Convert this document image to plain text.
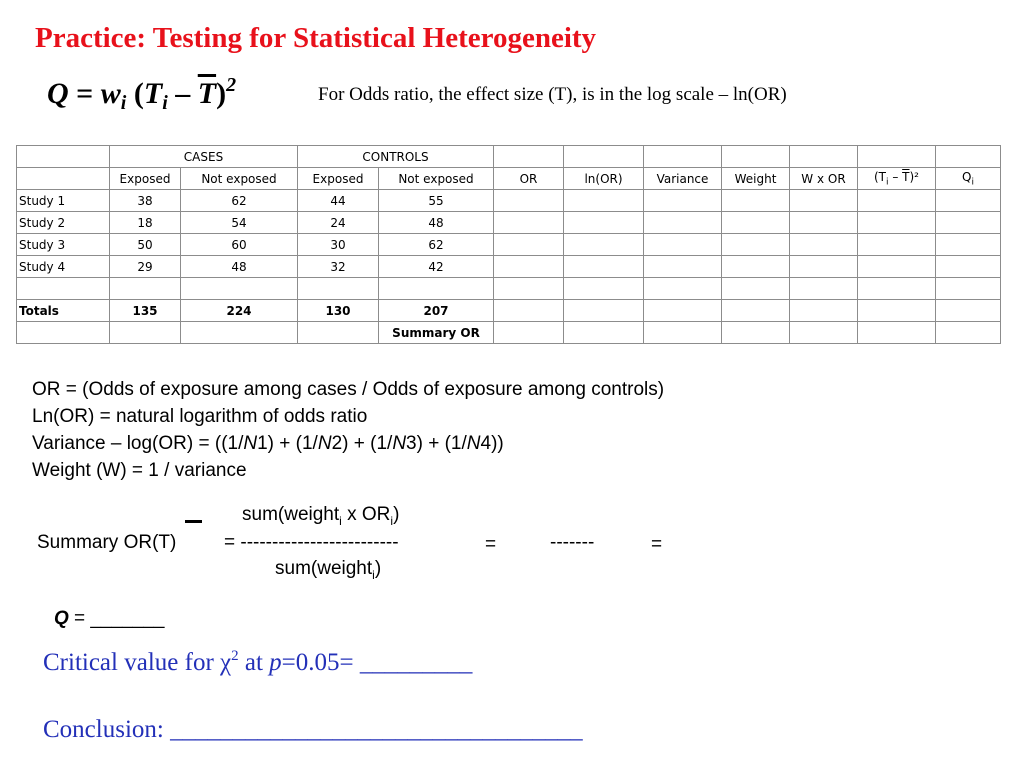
Practice: Testing for Statistical Heterogeneity
$Q = w_i$ $(T_i - \overline{T})^2$	For Odds ratio, the effect size (T), is in the log scale – ln(OR)
	CASES		CONTROLS								
	Exposed	Not exposed	Exposed	Not exposed	OR	ln(OR)	Variance	Weight	W x OR	$(T_i - \overline{T})^2$	$Q_i$
Study 1	38	62	44	55							
Study 2	18	54	24	48							
Study 3	50	60	30	62							
Study 4	29	48	32	42							

Totals	135	224	130	207							
				Summary OR							
OR = (Odds of exposure among cases / Odds of exposure among controls)
Ln(OR) = natural logarithm of odds ratio
Variance – log(OR) = ((1/N1) + (1/N2) + (1/N3) + (1/N4))
Weight (W) = 1 / variance
sum(weight$_i$ x $OR_i$)
Summary OR(T)	= -------------------------	=	-------	=
sum(weight$_i$)
Q = _______
Critical value for $\chi^2$ at p=0.05= _________
Conclusion: _________________________________
